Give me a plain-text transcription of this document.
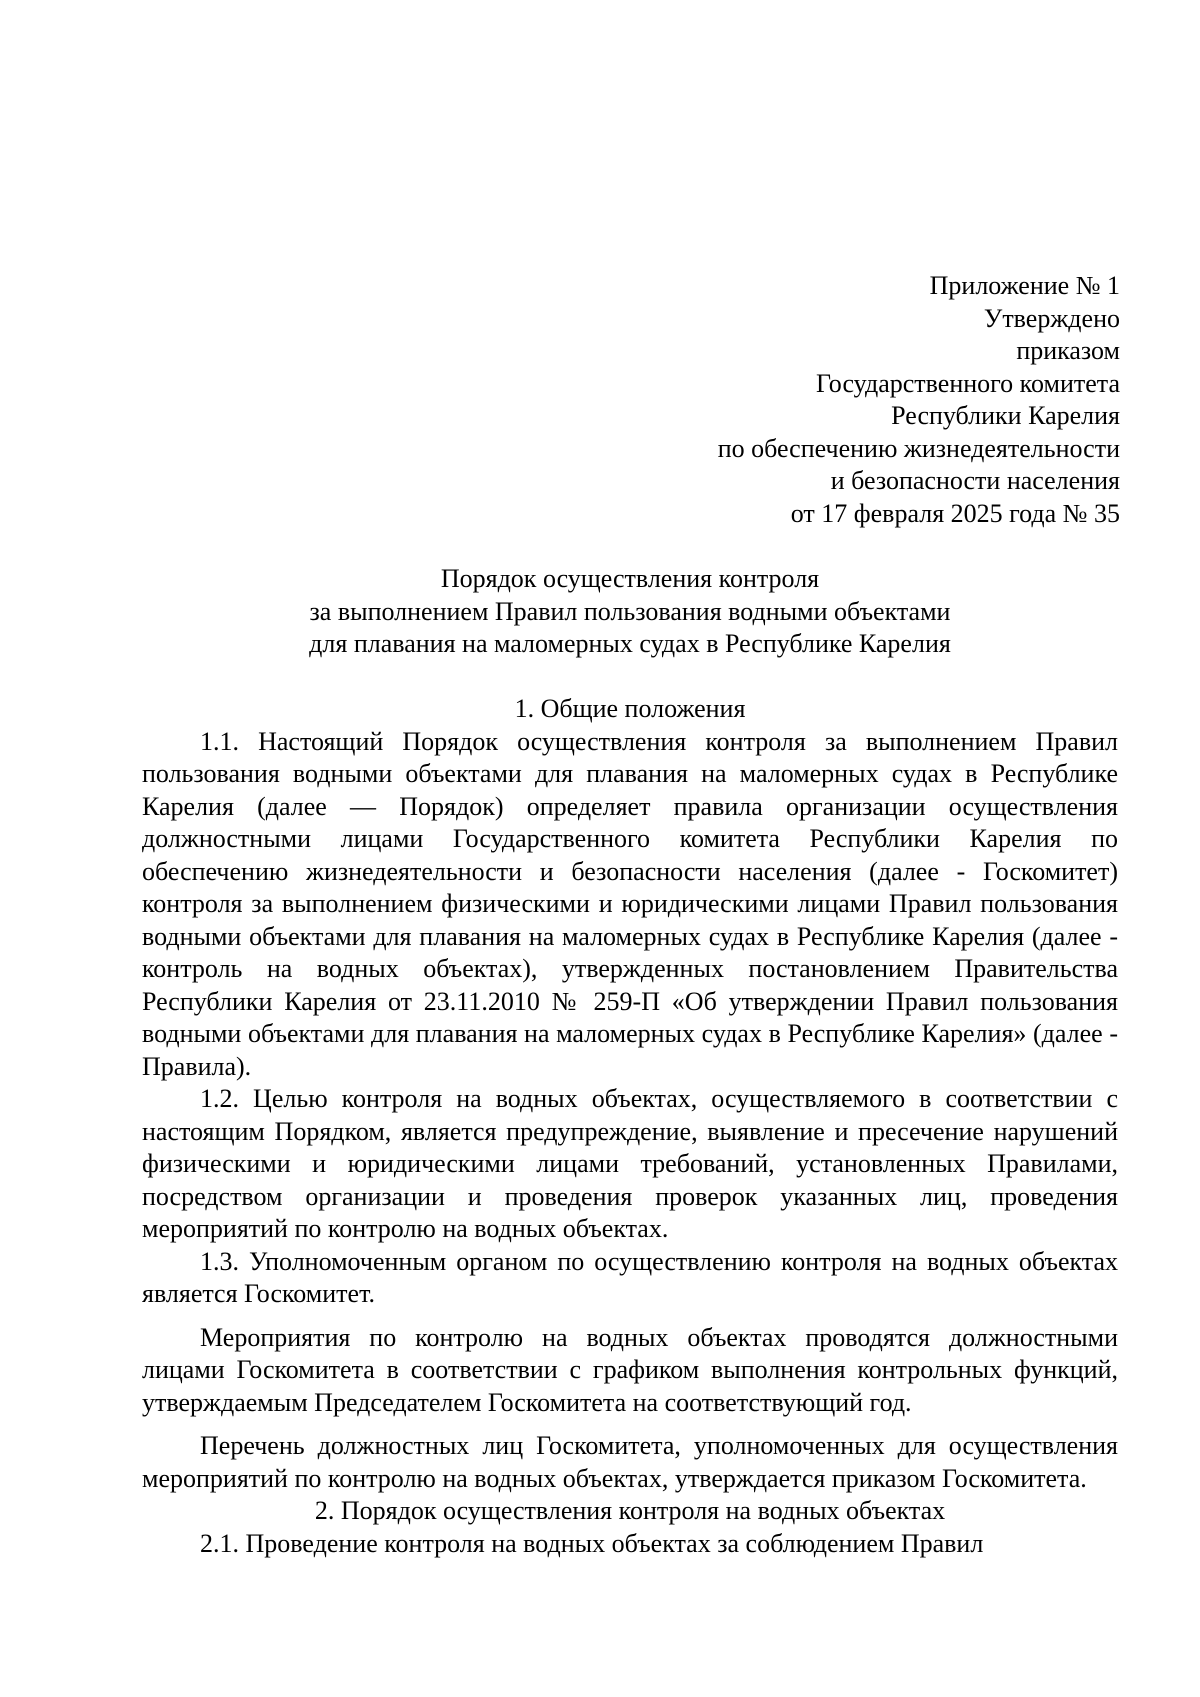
Приложение № 1
Утверждено
приказом
Государственного комитета
Республики Карелия
по обеспечению жизнедеятельности
и безопасности населения
от 17 февраля 2025 года № 35
Порядок осуществления контроля
за выполнением Правил пользования водными объектами
для плавания на маломерных судах в Республике Карелия
1. Общие положения

1.1. Настоящий Порядок осуществления контроля за выполнением Правил пользования водными объектами для плавания на маломерных судах в Республике Карелия (далее — Порядок) определяет правила организации осуществления должностными лицами Государственного комитета Республики Карелия по обеспечению жизнедеятельности и безопасности населения (далее - Госкомитет) контроля за выполнением физическими и юридическими лицами Правил пользования водными объектами для плавания на маломерных судах в Республике Карелия (далее - контроль на водных объектах), утвержденных постановлением Правительства Республики Карелия от 23.11.2010 № 259-П «Об утверждении Правил пользования водными объектами для плавания на маломерных судах в Республике Карелия» (далее - Правила).

1.2. Целью контроля на водных объектах, осуществляемого в соответствии с настоящим Порядком, является предупреждение, выявление и пресечение нарушений физическими и юридическими лицами требований, установленных Правилами, посредством организации и проведения проверок указанных лиц, проведения мероприятий по контролю на водных объектах.

1.3. Уполномоченным органом по осуществлению контроля на водных объектах является Госкомитет.

Мероприятия по контролю на водных объектах проводятся должностными лицами Госкомитета в соответствии с графиком выполнения контрольных функций, утверждаемым Председателем Госкомитета на соответствующий год.

Перечень должностных лиц Госкомитета, уполномоченных для осуществления мероприятий по контролю на водных объектах, утверждается приказом Госкомитета.

2. Порядок осуществления контроля на водных объектах

2.1. Проведение контроля на водных объектах за соблюдением Правил
